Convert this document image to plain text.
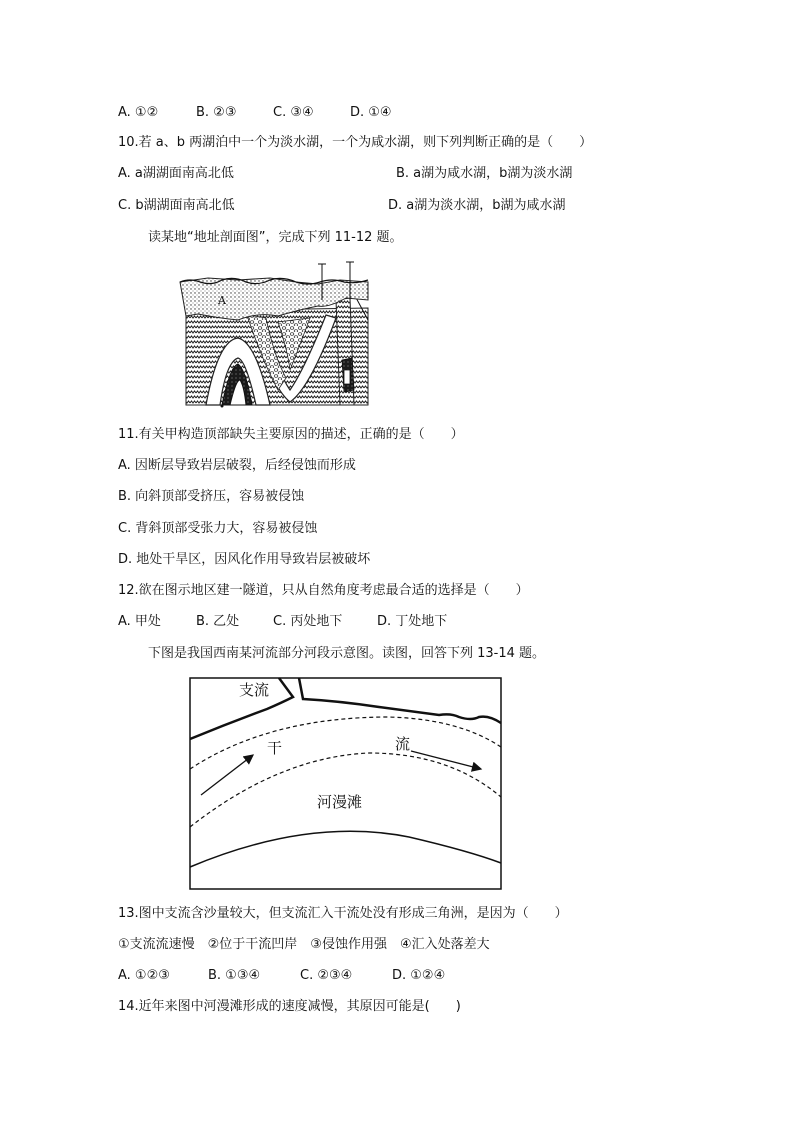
A. ①②	B. ②③	C. ③④	D. ①④
10.若 a、b 两湖泊中一个为淡水湖，一个为咸水湖，则下列判断正确的是（　　）
A. a湖湖面南高北低	B. a湖为咸水湖，b湖为淡水湖
C. b湖湖面南高北低	D. a湖为淡水湖，b湖为咸水湖
读某地“地址剖面图”，完成下列 11-12 题。
A
11.有关甲构造顶部缺失主要原因的描述，正确的是（　　）
A. 因断层导致岩层破裂，后经侵蚀而形成
B. 向斜顶部受挤压，容易被侵蚀
C. 背斜顶部受张力大，容易被侵蚀
D. 地处干旱区，因风化作用导致岩层被破坏
12.欲在图示地区建一隧道，只从自然角度考虑最合适的选择是（　　）
A. 甲处	B. 乙处	C. 丙处地下	D. 丁处地下
下图是我国西南某河流部分河段示意图。读图，回答下列 13-14 题。
支流
干	流
河漫滩
13.图中支流含沙量较大，但支流汇入干流处没有形成三角洲，是因为（　　）
①支流流速慢　②位于干流凹岸　③侵蚀作用强　④汇入处落差大
A. ①②③	B. ①③④	C. ②③④	D. ①②④
14.近年来图中河漫滩形成的速度减慢，其原因可能是(　　)
